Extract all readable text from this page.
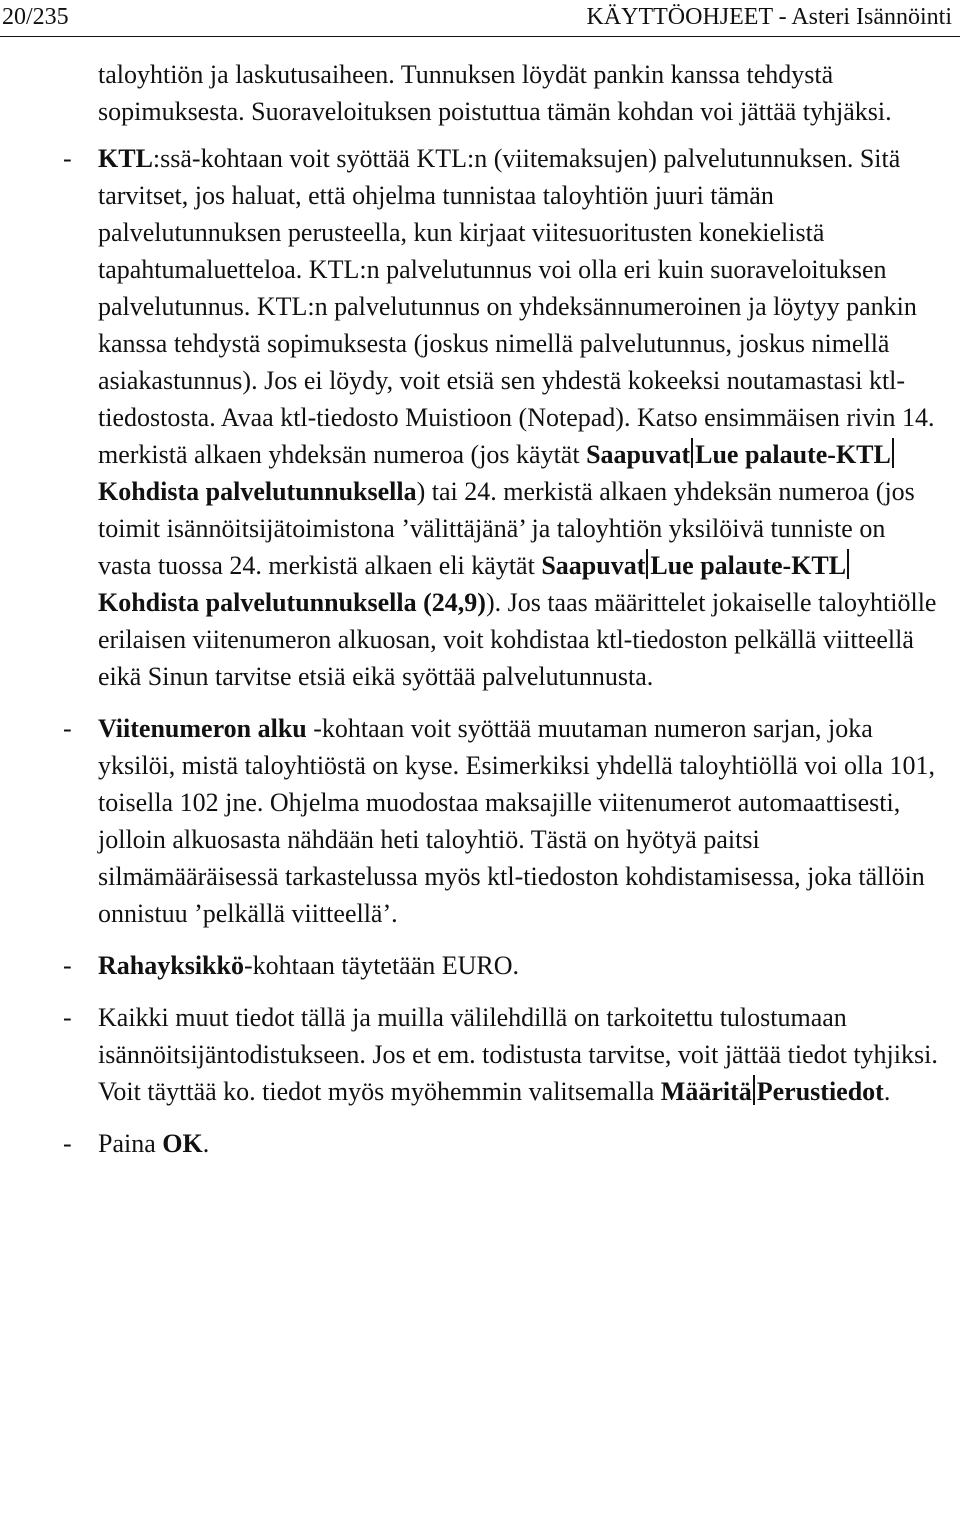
20/235	KÄYTTÖOHJEET - Asteri Isännöinti

taloyhtiön ja laskutusaiheen. Tunnuksen löydät pankin kanssa tehdystä sopimuksesta. Suoraveloituksen poistuttua tämän kohdan voi jättää tyhjäksi.

- KTL:ssä-kohtaan voit syöttää KTL:n (viitemaksujen) palvelutunnuksen. Sitä tarvitset, jos haluat, että ohjelma tunnistaa taloyhtiön juuri tämän palvelutunnuksen perusteella, kun kirjaat viitesuoritusten konekielistä tapahtumaluetteloa. KTL:n palvelutunnus voi olla eri kuin suoraveloituksen palvelutunnus. KTL:n palvelutunnus on yhdeksännumeroinen ja löytyy pankin kanssa tehdystä sopimuksesta (joskus nimellä palvelutunnus, joskus nimellä asiakastunnus). Jos ei löydy, voit etsiä sen yhdestä kokeeksi noutamastasi ktl-tiedostosta. Avaa ktl-tiedosto Muistioon (Notepad). Katso ensimmäisen rivin 14. merkistä alkaen yhdeksän numeroa (jos käytät Saapuvat Lue palaute-KTLKohdista palvelutunnuksella) tai 24. merkistä alkaen yhdeksän numeroa (jos toimit isännöitsijätoimistona ’välittäjänä’ ja taloyhtiön yksilöivä tunniste on vasta tuossa 24. merkistä alkaen eli käytät Saapuvat Lue palaute-KTLKohdista palvelutunnuksella (24,9)). Jos taas määrittelet jokaiselle taloyhtiölle erilaisen viitenumeron alkuosan, voit kohdistaa ktl-tiedoston pelkällä viitteellä eikä Sinun tarvitse etsiä eikä syöttää palvelutunnusta.

- Viitenumeron alku -kohtaan voit syöttää muutaman numeron sarjan, joka yksilöi, mistä taloyhtiöstä on kyse. Esimerkiksi yhdellä taloyhtiöllä voi olla 101, toisella 102 jne. Ohjelma muodostaa maksajille viitenumerot automaattisesti, jolloin alkuosasta nähdään heti taloyhtiö. Tästä on hyötyä paitsi silmämääräisessä tarkastelussa myös ktl-tiedoston kohdistamisessa, joka tällöin onnistuu ’pelkällä viitteellä’.

- Rahayksikkö-kohtaan täytetään EURO.

- Kaikki muut tiedot tällä ja muilla välilehdillä on tarkoitettu tulostumaan isännöitsijäntodistukseen. Jos et em. todistusta tarvitse, voit jättää tiedot tyhjiksi. Voit täyttää ko. tiedot myös myöhemmin valitsemalla Määritä Perustiedot.

- Paina OK.
